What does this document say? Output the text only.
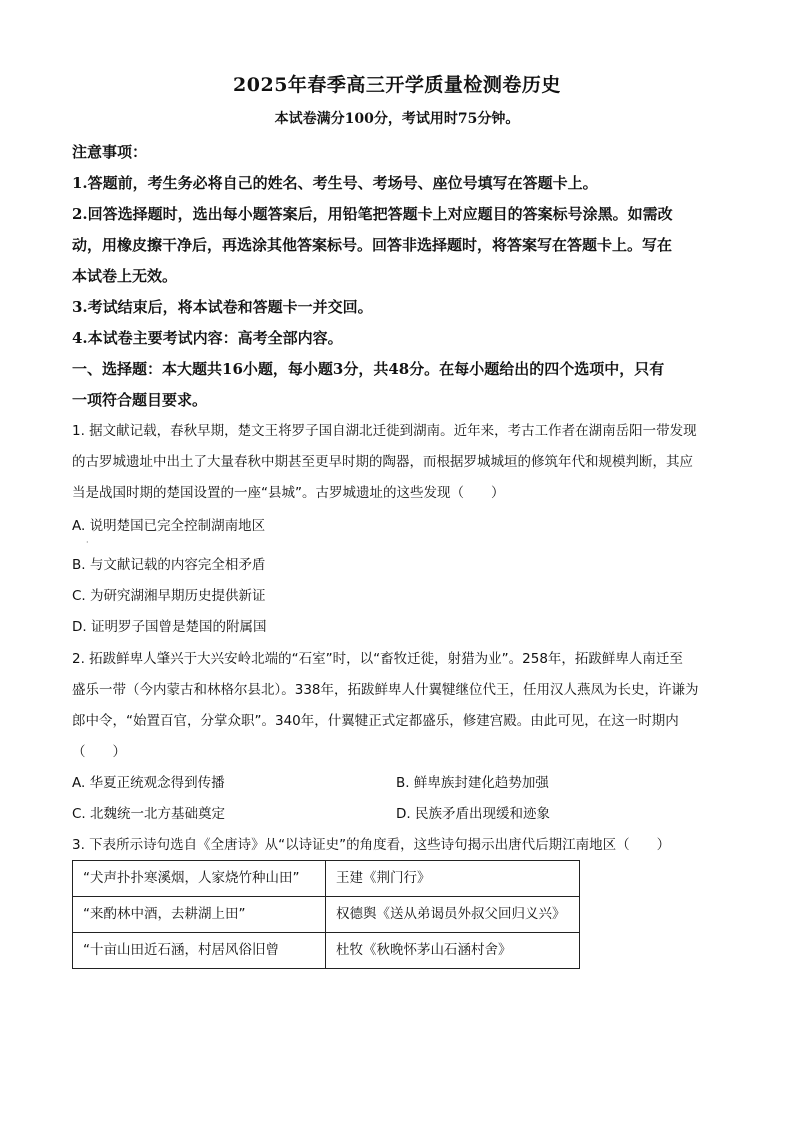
2025年春季高三开学质量检测卷历史
本试卷满分100分，考试用时75分钟。
注意事项：
1.答题前，考生务必将自己的姓名、考生号、考场号、座位号填写在答题卡上。
2.回答选择题时，选出每小题答案后，用铅笔把答题卡上对应题目的答案标号涂黑。如需改
动，用橡皮擦干净后，再选涂其他答案标号。回答非选择题时，将答案写在答题卡上。写在
本试卷上无效。
3.考试结束后，将本试卷和答题卡一并交回。
4.本试卷主要考试内容：高考全部内容。
一、选择题：本大题共16小题，每小题3分，共48分。在每小题给出的四个选项中，只有
一项符合题目要求。
1. 据文献记载，春秋早期，楚文王将罗子国自湖北迁徙到湖南。近年来，考古工作者在湖南岳阳一带发现
的古罗城遗址中出土了大量春秋中期甚至更早时期的陶器，而根据罗城城垣的修筑年代和规模判断，其应
当是战国时期的楚国设置的一座“县城”。古罗城遗址的这些发现（　　）
A. 说明楚国已完全控制湖南地区
B. 与文献记载的内容完全相矛盾
C. 为研究湖湘早期历史提供新证
D. 证明罗子国曾是楚国的附属国
·
2. 拓跋鲜卑人肇兴于大兴安岭北端的“石室”时，以“畜牧迁徙，射猎为业”。258年，拓跋鲜卑人南迁至
盛乐一带（今内蒙古和林格尔县北）。338年，拓跋鲜卑人什翼犍继位代王，任用汉人燕凤为长史，许谦为
郎中令，“始置百官，分掌众职”。340年，什翼犍正式定都盛乐，修建宫殿。由此可见，在这一时期内
（　　）
A. 华夏正统观念得到传播	B. 鲜卑族封建化趋势加强
C. 北魏统一北方基础奠定	D. 民族矛盾出现缓和迹象
3. 下表所示诗句选自《全唐诗》从“以诗证史”的角度看，这些诗句揭示出唐代后期江南地区（　　）
“犬声扑扑寒溪烟，人家烧竹种山田”	王建《荆门行》
“来酌林中酒，去耕湖上田”	权德舆《送从弟谒员外叔父回归义兴》
“十亩山田近石涵，村居风俗旧曾	杜牧《秋晚怀茅山石涵村舍》
